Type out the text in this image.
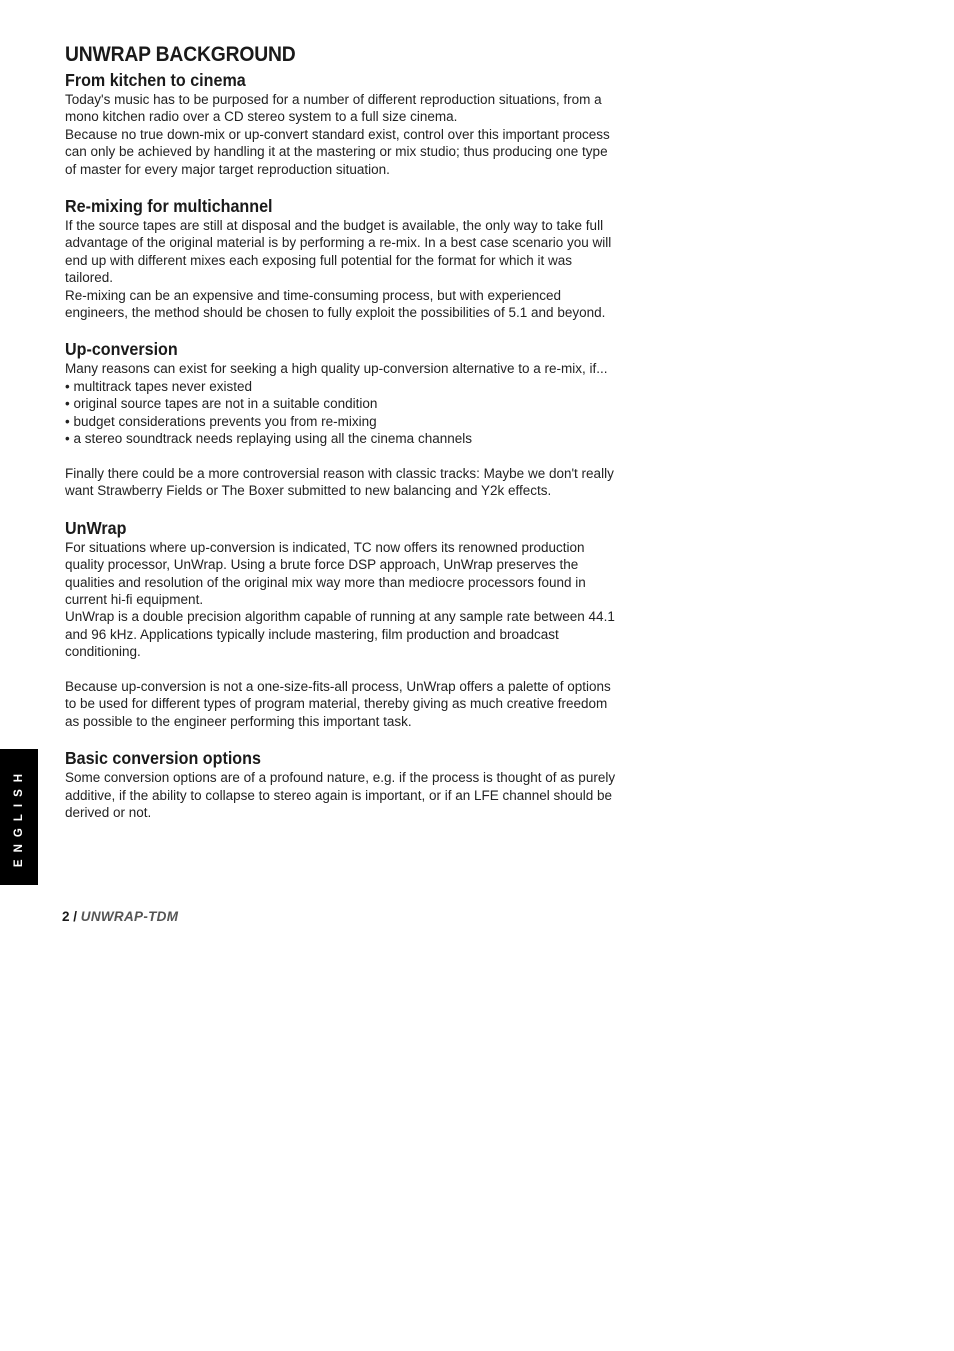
UNWRAP BACKGROUND
From kitchen to cinema

Today's music has to be purposed for a number of different reproduction situations, from a mono kitchen radio over a CD stereo system to a full size cinema.

Because no true down-mix or up-convert standard exist, control over this important process can only be achieved by handling it at the mastering or mix studio; thus producing one type of master for every major target reproduction situation.

Re-mixing for multichannel

If the source tapes are still at disposal and the budget is available, the only way to take full advantage of the original material is by performing a re-mix. In a best case scenario you will end up with different mixes each exposing full potential for the format for which it was tailored.

Re-mixing can be an expensive and time-consuming process, but with experienced engineers, the method should be chosen to fully exploit the possibilities of 5.1 and beyond.

Up-conversion

Many reasons can exist for seeking a high quality up-conversion alternative to a re-mix, if...

• multitrack tapes never existed
• original source tapes are not in a suitable condition
• budget considerations prevents you from re-mixing
• a stereo soundtrack needs replaying using all the cinema channels

Finally there could be a more controversial reason with classic tracks: Maybe we don't really want Strawberry Fields or The Boxer submitted to new balancing and Y2k effects.

UnWrap

For situations where up-conversion is indicated, TC now offers its renowned production quality processor, UnWrap. Using a brute force DSP approach, UnWrap preserves the qualities and resolution of the original mix way more than mediocre processors found in current hi-fi equipment.

UnWrap is a double precision algorithm capable of running at any sample rate between 44.1 and 96 kHz. Applications typically include mastering, film production and broadcast conditioning.

Because up-conversion is not a one-size-fits-all process, UnWrap offers a palette of options to be used for different types of program material, thereby giving as much creative freedom as possible to the engineer performing this important task.

Basic conversion options

Some conversion options are of a profound nature, e.g. if the process is thought of as purely additive, if the ability to collapse to stereo again is important, or if an LFE channel should be derived or not.

ENGLISH
2 / UNWRAP-TDM
